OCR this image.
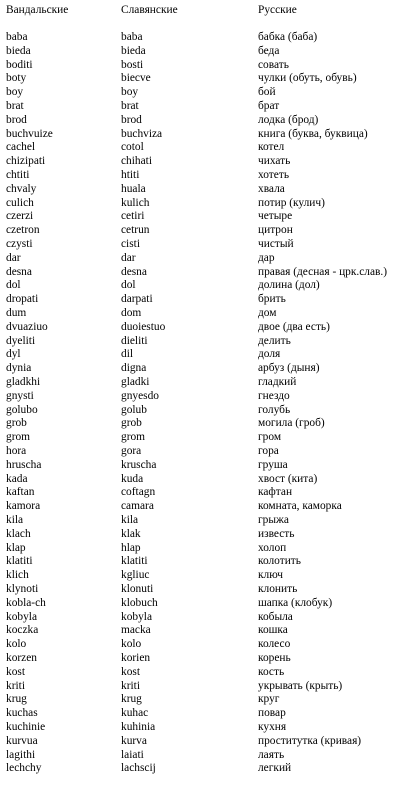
Вандальские	Славянские	Русские
baba	baba	бабка (баба)
bieda	bieda	беда
boditi	bosti	совать
boty	biecve	чулки (обуть, обувь)
boy	boy	бой
brat	brat	брат
brod	brod	лодка (брод)
buchvuize	buchviza	книга (буква, буквица)
cachel	cotol	котел
chizipati	chihati	чихать
chtiti	htiti	хотеть
chvaly	huala	хвала
culich	kulich	потир (кулич)
czerzi	cetiri	четыре
czetron	cetrun	цитрон
czysti	cisti	чистый
dar	dar	дар
desna	desna	правая (десная - црк.слав.)
dol	dol	долина (дол)
dropati	darpati	брить
dum	dom	дом
dvuaziuo	duoiestuo	двое (два есть)
dyeliti	dieliti	делить
dyl	dil	доля
dynia	digna	арбуз (дыня)
gladkhi	gladki	гладкий
gnysti	gnyesdo	гнездо
golubo	golub	голубь
grob	grob	могила (гроб)
grom	grom	гром
hora	gora	гора
hruscha	kruscha	груша
kada	kuda	хвост (кита)
kaftan	coftagn	кафтан
kamora	camara	комната, каморка
kila	kila	грыжа
klach	klak	известь
klap	hlap	холоп
klatiti	klatiti	колотить
klich	kgliuc	ключ
klynoti	klonuti	клонить
kobla-ch	klobuch	шапка (клобук)
kobyla	kobyla	кобыла
koczka	macka	кошка
kolo	kolo	колесо
korzen	korien	корень
kost	kost	кость
kriti	kriti	укрывать (крыть)
krug	krug	круг
kuchas	kuhac	повар
kuchinie	kuhinia	кухня
kurvua	kurva	проститутка (кривая)
lagithi	laiati	лаять
lechchy	lachscij	легкий
